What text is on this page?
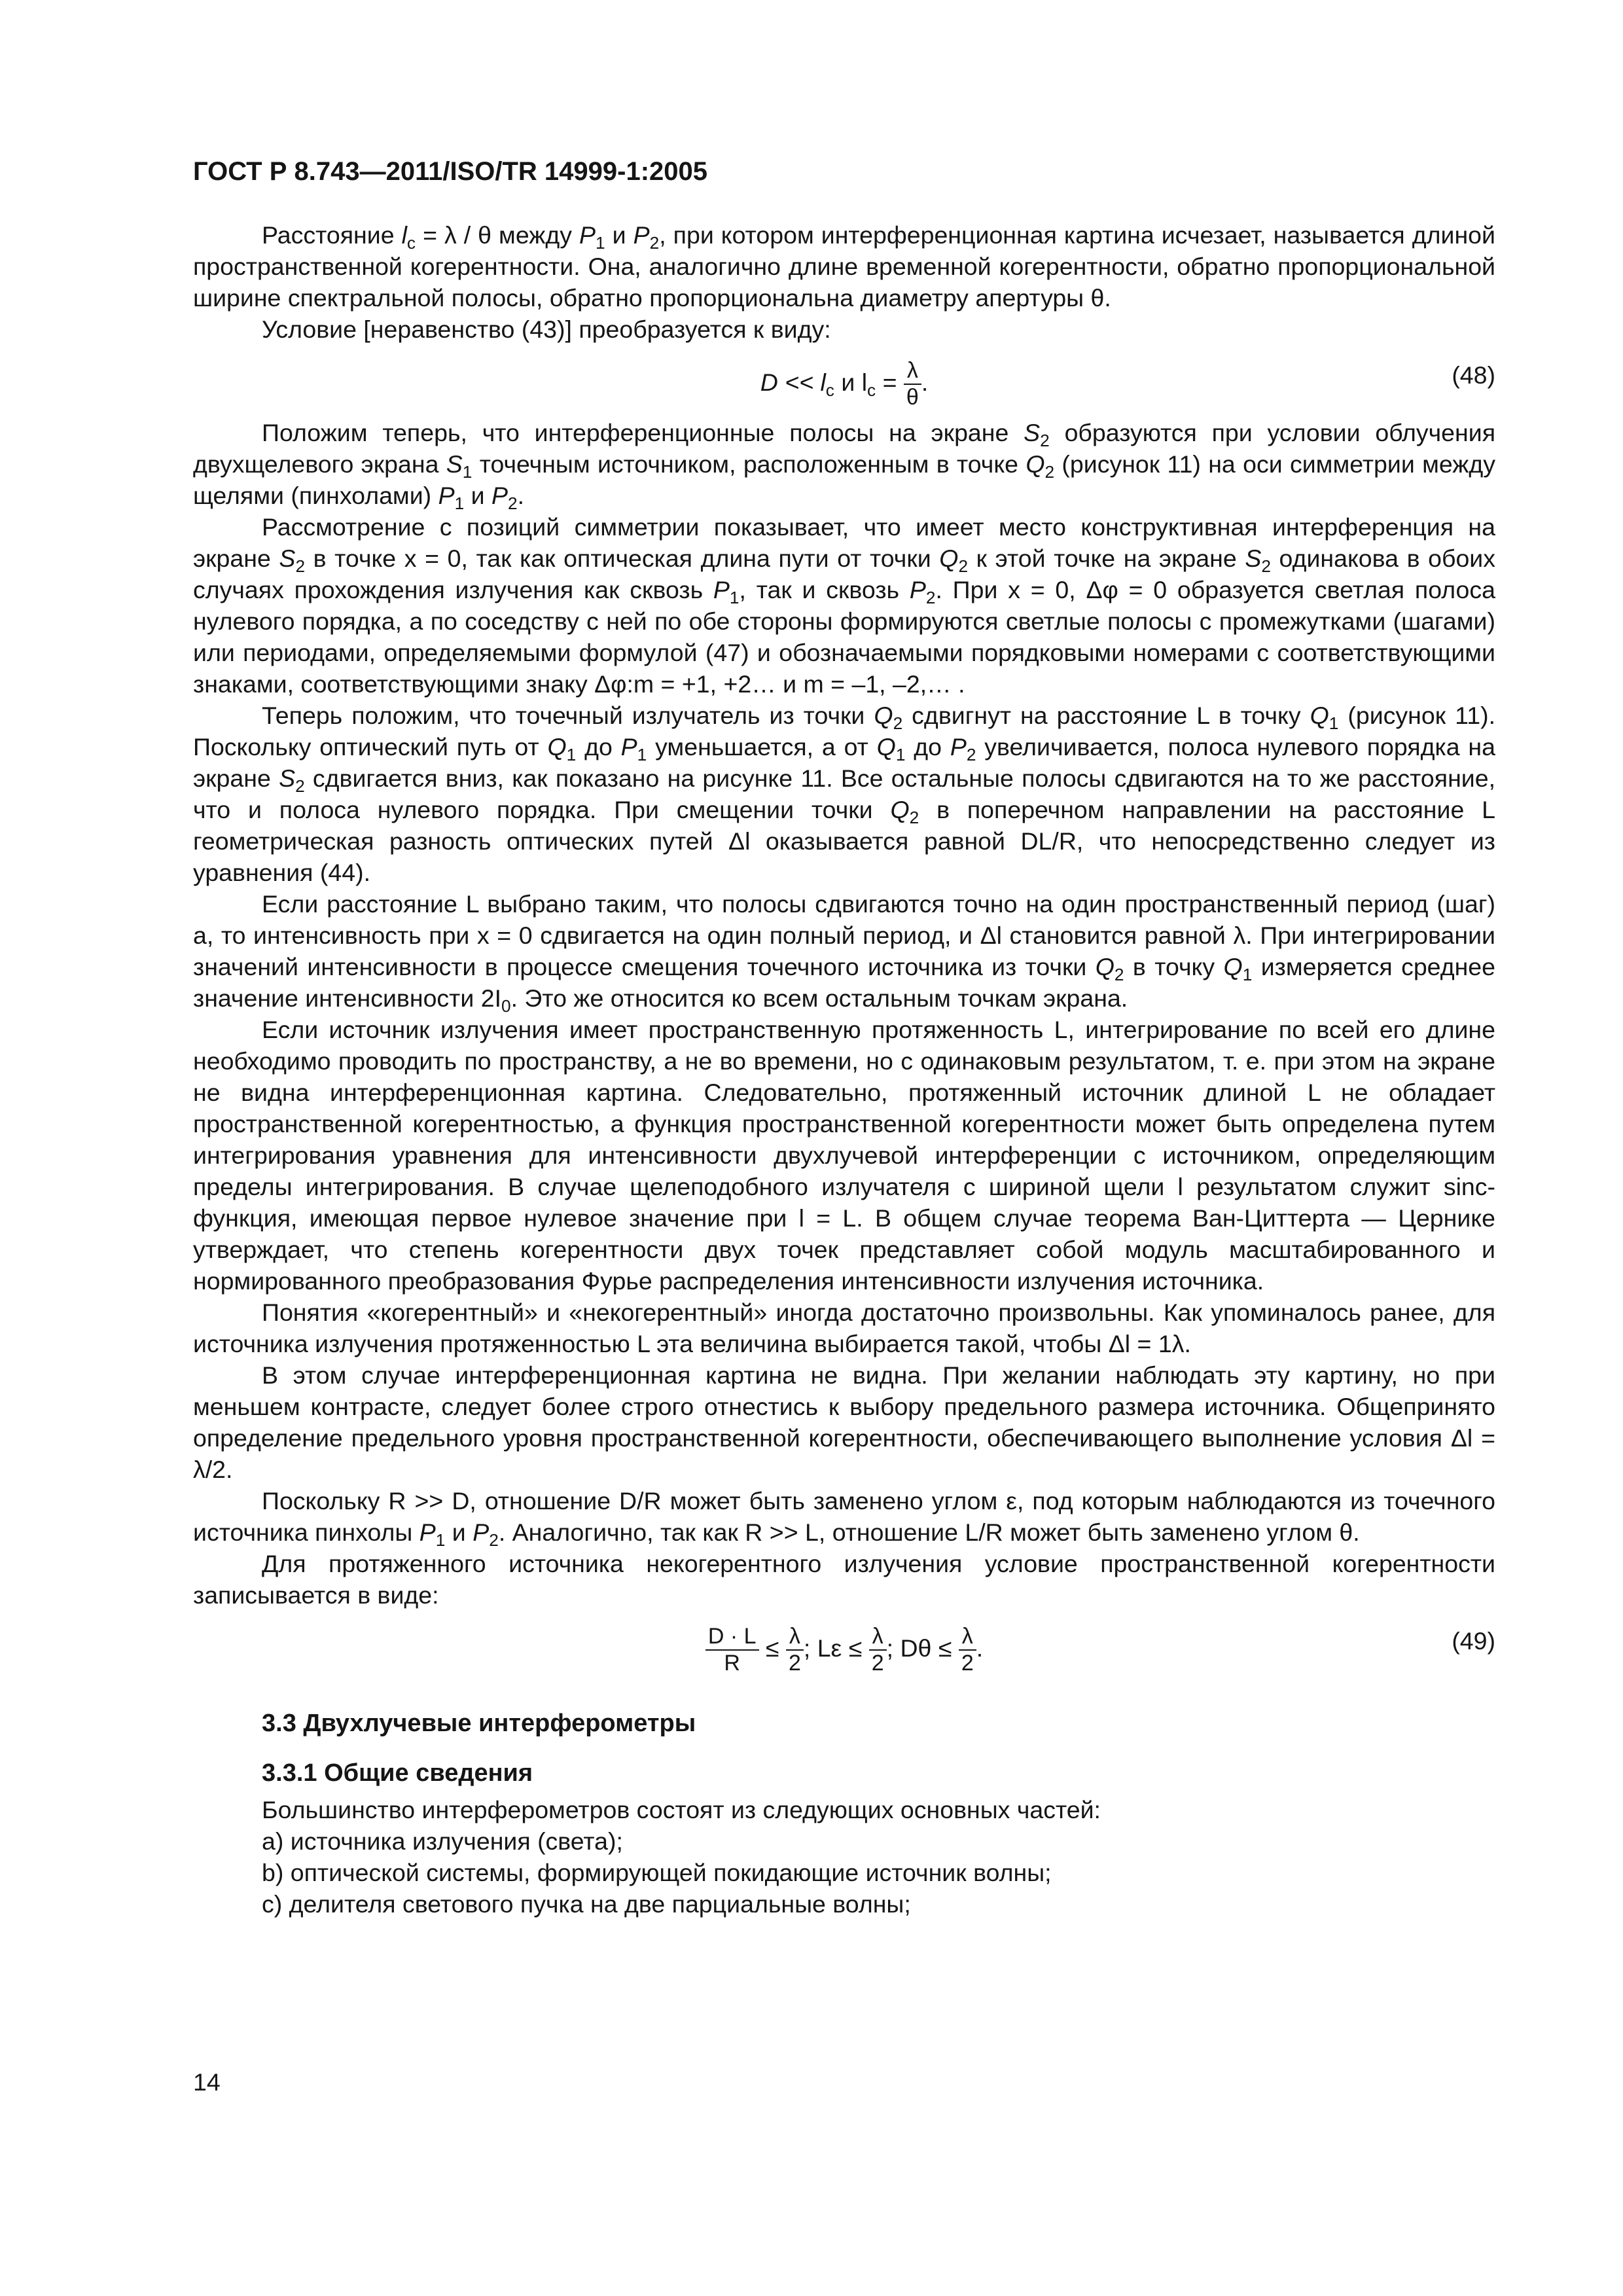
ГОСТ Р 8.743—2011/ISO/TR 14999-1:2005

Расстояние $l_c = \lambda / \theta$ между $P_1$ и $P_2$, при котором интерференционная картина исчезает, называется длиной пространственной когерентности. Она, аналогично длине временной когерентности, обратно пропорциональной ширине спектральной полосы, обратно пропорциональна диаметру апертуры θ.

Условие [неравенство (43)] преобразуется к виду:

$D << l_c$ и $l_c = \frac{\lambda}{\theta}$ .	(48)

Положим теперь, что интерференционные полосы на экране $S_2$ образуются при условии облучения двухщелевого экрана $S_1$ точечным источником, расположенным в точке $Q_2$ (рисунок 11) на оси симметрии между щелями (пинхолами) $P_1$ и $P_2$.

Рассмотрение с позиций симметрии показывает, что имеет место конструктивная интерференция на экране $S_2$ в точке x = 0, так как оптическая длина пути от точки $Q_2$ к этой точке на экране $S_2$ одинакова в обоих случаях прохождения излучения как сквозь $P_1$, так и сквозь $P_2$. При x = 0, Δφ = 0 образуется светлая полоса нулевого порядка, а по соседству с ней по обе стороны формируются светлые полосы с промежутками (шагами) или периодами, определяемыми формулой (47) и обозначаемыми порядковыми номерами с соответствующими знаками, соответствующими знаку Δφ:m = +1, +2… и m = –1, –2,… .

Теперь положим, что точечный излучатель из точки $Q_2$ сдвигнут на расстояние L в точку $Q_1$ (рисунок 11). Поскольку оптический путь от $Q_1$ до $P_1$ уменьшается, а от $Q_1$ до $P_2$ увеличивается, полоса нулевого порядка на экране $S_2$ сдвигается вниз, как показано на рисунке 11. Все остальные полосы сдвигаются на то же расстояние, что и полоса нулевого порядка. При смещении точки $Q_2$ в поперечном направлении на расстояние L геометрическая разность оптических путей Δl оказывается равной DL/R, что непосредственно следует из уравнения (44).

Если расстояние L выбрано таким, что полосы сдвигаются точно на один пространственный период (шаг) a, то интенсивность при x = 0 сдвигается на один полный период, и Δl становится равной λ. При интегрировании значений интенсивности в процессе смещения точечного источника из точки $Q_2$ в точку $Q_1$ измеряется среднее значение интенсивности $2I_0$. Это же относится ко всем остальным точкам экрана.

Если источник излучения имеет пространственную протяженность L, интегрирование по всей его длине необходимо проводить по пространству, а не во времени, но с одинаковым результатом, т. е. при этом на экране не видна интерференционная картина. Следовательно, протяженный источник длиной L не обладает пространственной когерентностью, а функция пространственной когерентности может быть определена путем интегрирования уравнения для интенсивности двухлучевой интерференции с источником, определяющим пределы интегрирования. В случае щелеподобного излучателя с шириной щели l результатом служит sinc-функция, имеющая первое нулевое значение при l = L. В общем случае теорема Ван-Циттерта — Цернике утверждает, что степень когерентности двух точек представляет собой модуль масштабированного и нормированного преобразования Фурье распределения интенсивности излучения источника.

Понятия «когерентный» и «некогерентный» иногда достаточно произвольны. Как упоминалось ранее, для источника излучения протяженностью L эта величина выбирается такой, чтобы Δl = 1λ.

В этом случае интерференционная картина не видна. При желании наблюдать эту картину, но при меньшем контрасте, следует более строго отнестись к выбору предельного размера источника. Общепринято определение предельного уровня пространственной когерентности, обеспечивающего выполнение условия Δl = λ/2.

Поскольку R >> D, отношение D/R может быть заменено углом ε, под которым наблюдаются из точечного источника пинхолы $P_1$ и $P_2$. Аналогично, так как R >> L, отношение L/R может быть заменено углом θ.

Для протяженного источника некогерентного излучения условие пространственной когерентности записывается в виде:

$\frac{D \cdot L}{R} \le \frac{\lambda}{2}$ ; $L\varepsilon \le \frac{\lambda}{2}$ ; $D\theta \le \frac{\lambda}{2}$ .	(49)
3.3 Двухлучевые интерферометры
3.3.1 Общие сведения

Большинство интерферометров состоят из следующих основных частей:

a) источника излучения (света);

b) оптической системы, формирующей покидающие источник волны;

c) делителя светового пучка на две парциальные волны;

14
